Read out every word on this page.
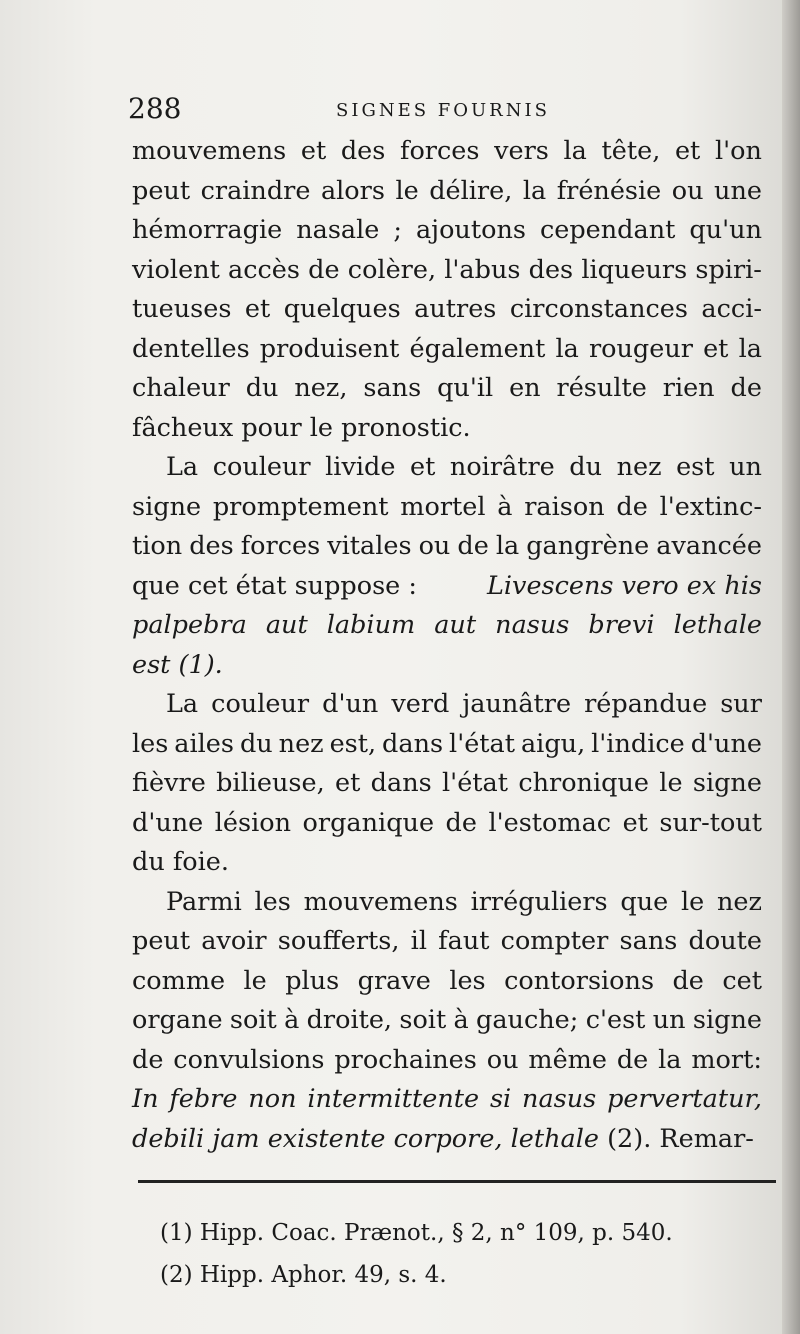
288	SIGNES FOURNIS
mouvemens et des forces vers la tête, et l'on
peut craindre alors le délire, la frénésie ou une
hémorragie nasale ; ajoutons cependant qu'un
violent accès de colère, l'abus des liqueurs spiri-
tueuses et quelques autres circonstances acci-
dentelles produisent également la rougeur et la
chaleur du nez, sans qu'il en résulte rien de
fâcheux pour le pronostic.
La couleur livide et noirâtre du nez est un
signe promptement mortel à raison de l'extinc-
tion des forces vitales ou de la gangrène avancée
que cet état suppose : Livescens vero ex his
palpebra aut labium aut nasus brevi lethale
est (1).
La couleur d'un verd jaunâtre répandue sur
les ailes du nez est, dans l'état aigu, l'indice d'une
fièvre bilieuse, et dans l'état chronique le signe
d'une lésion organique de l'estomac et sur-tout
du foie.
Parmi les mouvemens irréguliers que le nez
peut avoir soufferts, il faut compter sans doute
comme le plus grave les contorsions de cet
organe soit à droite, soit à gauche; c'est un signe
de convulsions prochaines ou même de la mort:
In febre non intermittente si nasus pervertatur,
debili jam existente corpore, lethale (2). Remar-
(1) Hipp. Coac. Prænot., § 2, n° 109, p. 540.
(2) Hipp. Aphor. 49, s. 4.
